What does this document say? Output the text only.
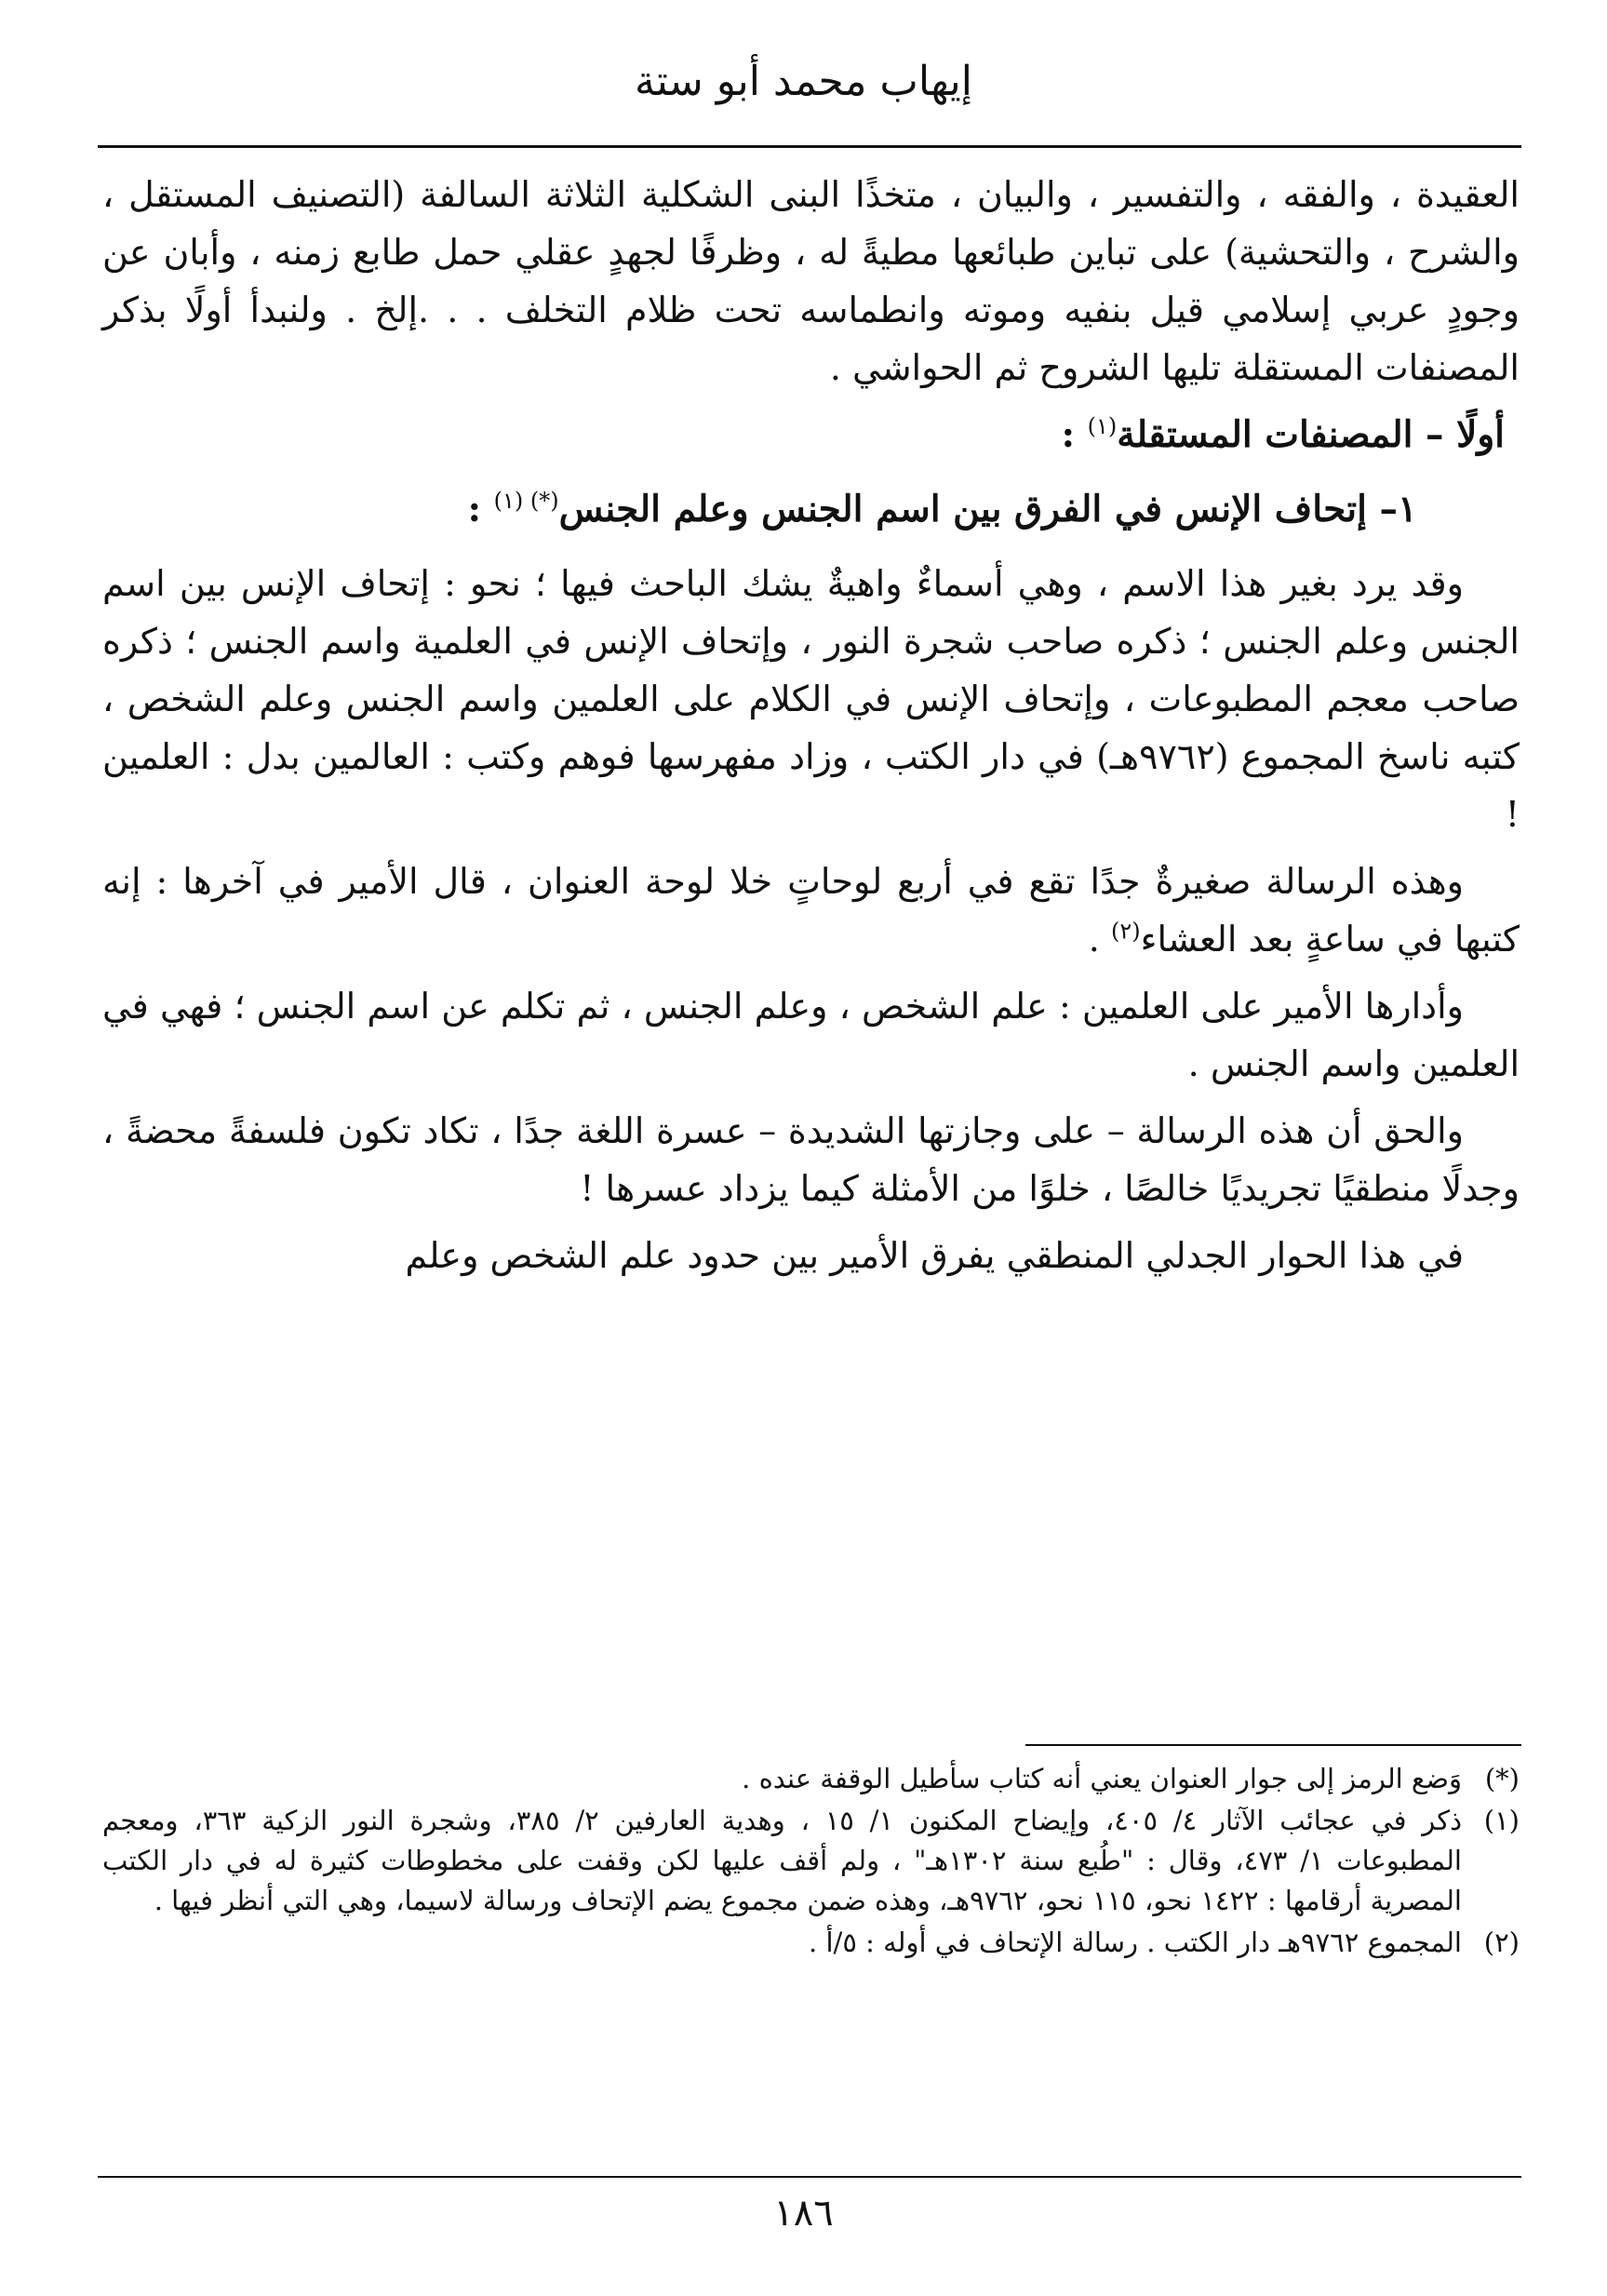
إيهاب محمد أبو ستة

العقيدة ، والفقه ، والتفسير ، والبيان ، متخذًا البنى الشكلية الثلاثة السالفة (التصنيف المستقل ، والشرح ، والتحشية) على تباين طبائعها مطيةً له ، وظرفًا لجهدٍ عقلي حمل طابع زمنه ، وأبان عن وجودٍ عربي إسلامي قيل بنفيه وموته وانطماسه تحت ظلام التخلف . . .إلخ . ولنبدأ أولًا بذكر المصنفات المستقلة تليها الشروح ثم الحواشي .

أولًا – المصنفات المستقلة$^{(١)}$ :
١– إتحاف الإنس في الفرق بين اسم الجنس وعلم الجنس$^{(*) (١)}$ :

وقد يرد بغير هذا الاسم ، وهي أسماءٌ واهيةٌ يشك الباحث فيها ؛ نحو : إتحاف الإنس بين اسم الجنس وعلم الجنس ؛ ذكره صاحب شجرة النور ، وإتحاف الإنس في العلمية واسم الجنس ؛ ذكره صاحب معجم المطبوعات ، وإتحاف الإنس في الكلام على العلمين واسم الجنس وعلم الشخص ، كتبه ناسخ المجموع (٩٧٦٢هـ) في دار الكتب ، وزاد مفهرسها فوهم وكتب : العالمين بدل : العلمين !

وهذه الرسالة صغيرةٌ جدًا تقع في أربع لوحاتٍ خلا لوحة العنوان ، قال الأمير في آخرها : إنه كتبها في ساعةٍ بعد العشاء$^{(٢)}$ .

وأدارها الأمير على العلمين : علم الشخص ، وعلم الجنس ، ثم تكلم عن اسم الجنس ؛ فهي في العلمين واسم الجنس .

والحق أن هذه الرسالة – على وجازتها الشديدة – عسرة اللغة جدًا ، تكاد تكون فلسفةً محضةً ، وجدلًا منطقيًا تجريديًا خالصًا ، خلوًا من الأمثلة كيما يزداد عسرها !

في هذا الحوار الجدلي المنطقي يفرق الأمير بين حدود علم الشخص وعلم

(*)
وَضع الرمز إلى جوار العنوان يعني أنه كتاب سأطيل الوقفة عنده .
(١)
ذكر في عجائب الآثار ٤/ ٤٠٥، وإيضاح المكنون ١/ ١٥ ، وهدية العارفين ٢/ ٣٨٥، وشجرة النور الزكية ٣٦٣، ومعجم المطبوعات ١/ ٤٧٣، وقال : "طُبع سنة ١٣٠٢هـ" ، ولم أقف عليها لكن وقفت على مخطوطات كثيرة له في دار الكتب المصرية أرقامها : ١٤٢٢ نحو، ١١٥ نحو، ٩٧٦٢هـ، وهذه ضمن مجموع يضم الإتحاف ورسالة لاسيما، وهي التي أنظر فيها .
(٢)
المجموع ٩٧٦٢هـ دار الكتب . رسالة الإتحاف في أوله : ٥/أ .
١٨٦
